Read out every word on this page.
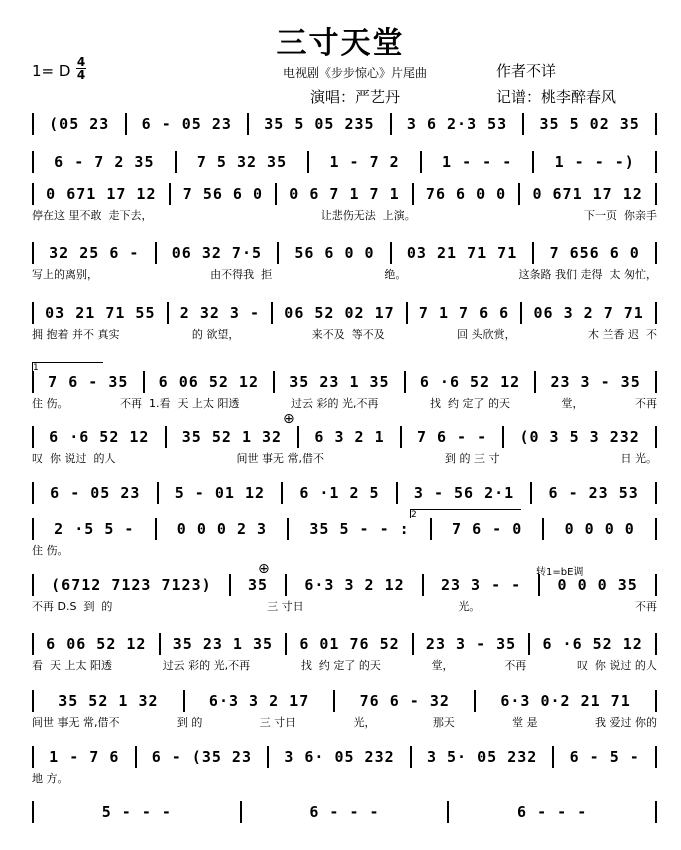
三寸天堂
1= D 4
4	电视剧《步步惊心》片尾曲	作者不详
演唱：严艺丹	记谱：桃李醉春风
(05 23 6 - 05 23 35 5 05 235 3 6 2·3 53 35 5 02 35
6 - 7 2 35	7 5 32 35	1 - 7 2	1 - - -	1 - - -)
0 671 17 12 7 56 6 0 0 6 7 1 7 1 76 6 0 0 0 671 17 12
停在这 里不敢  走下去，	让悲伤无法  上演。	下一页  你亲手
32 25 6 - 06 32 7·5 56 6 0 0 03 21 71 71 7 656 6 0
写上的离别，	由不得我  拒	绝。	这条路 我们 走得  太 匆忙，
03 21 71 55 2 32 3 - 06 52 02 17 7 1 7 6 6 06 3 2 7 71
拥 抱着 并不 真实	的 欲望，	来不及  等不及	回 头欣赏，	木 兰香 迟  不
7 6 - 35 6 06 52 12 35 23 1 35 6 ·6 52 12 23 3 - 35
住 伤。	不再  1.看  天 上太 阳透	过云 彩的 光,不再	找  约 定了 的天	堂，	不再
6 ·6 52 12 35 52 1 32 6 3 2 1 7 6 - - (0 3 5 3 232
叹  你 说过  的人	间世 事无 常,借不	到 的 三 寸	日 光。
6 - 05 23 5 - 01 12 6 ·1 2 5 3 - 56 2·1 6 - 23 53
2 ·5 5 -	0 0 0 2 3	35 5 - - :	7 6 - 0	0 0 0 0
住 伤。
(6712 7123 7123) 35 6·3 3 2 12 23 3 - - 0 0 0 35
不再 D.S  到  的	三 寸日	光。	不再
6 06 52 12 35 23 1 35 6 01 76 52 23 3 - 35 6 ·6 52 12
看  天 上太 阳透	过云 彩的 光,不再	找  约 定了 的天	堂，	不再	叹  你 说过 的人
35 52 1 32	6·3 3 2 17	76 6 - 32	6·3 0·2 21 71
间世 事无 常,借不	到 的	三 寸日	光，	那天	堂 是	我 爱过 你的
1 - 7 6 6 - (35 23 3 6· 05 232 3 5· 05 232 6 - 5 -
地 方。
5 - - -	6 - - -	6 - - -
1
2
转1=bE调
⊕
⊕
